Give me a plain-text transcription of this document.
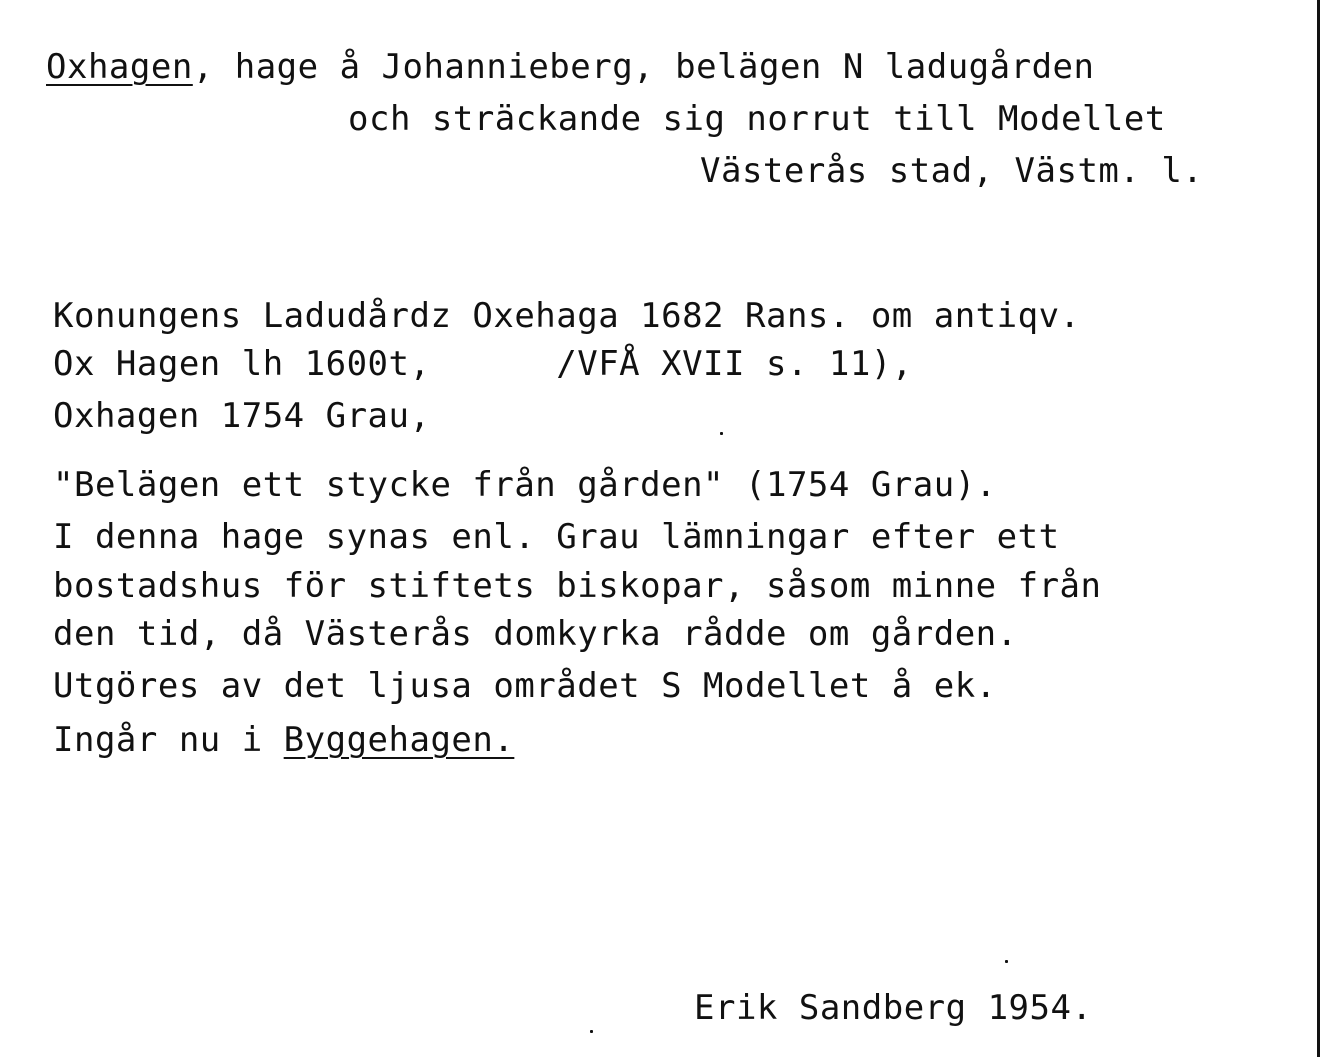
Oxhagen, hage å Johannieberg, belägen N ladugården

och sträckande sig norrut till Modellet

Västerås stad, Västm. l.

Konungens Ladudårdz Oxehaga 1682 Rans. om antiqv.

Ox Hagen lh 1600t,      /VFÅ XVII s. 11),

Oxhagen 1754 Grau,

"Belägen ett stycke från gården" (1754 Grau).

I denna hage synas enl. Grau lämningar efter ett

bostadshus för stiftets biskopar, såsom minne från

den tid, då Västerås domkyrka rådde om gården.

Utgöres av det ljusa området S Modellet å ek.

Ingår nu i Byggehagen.

Erik Sandberg 1954.
